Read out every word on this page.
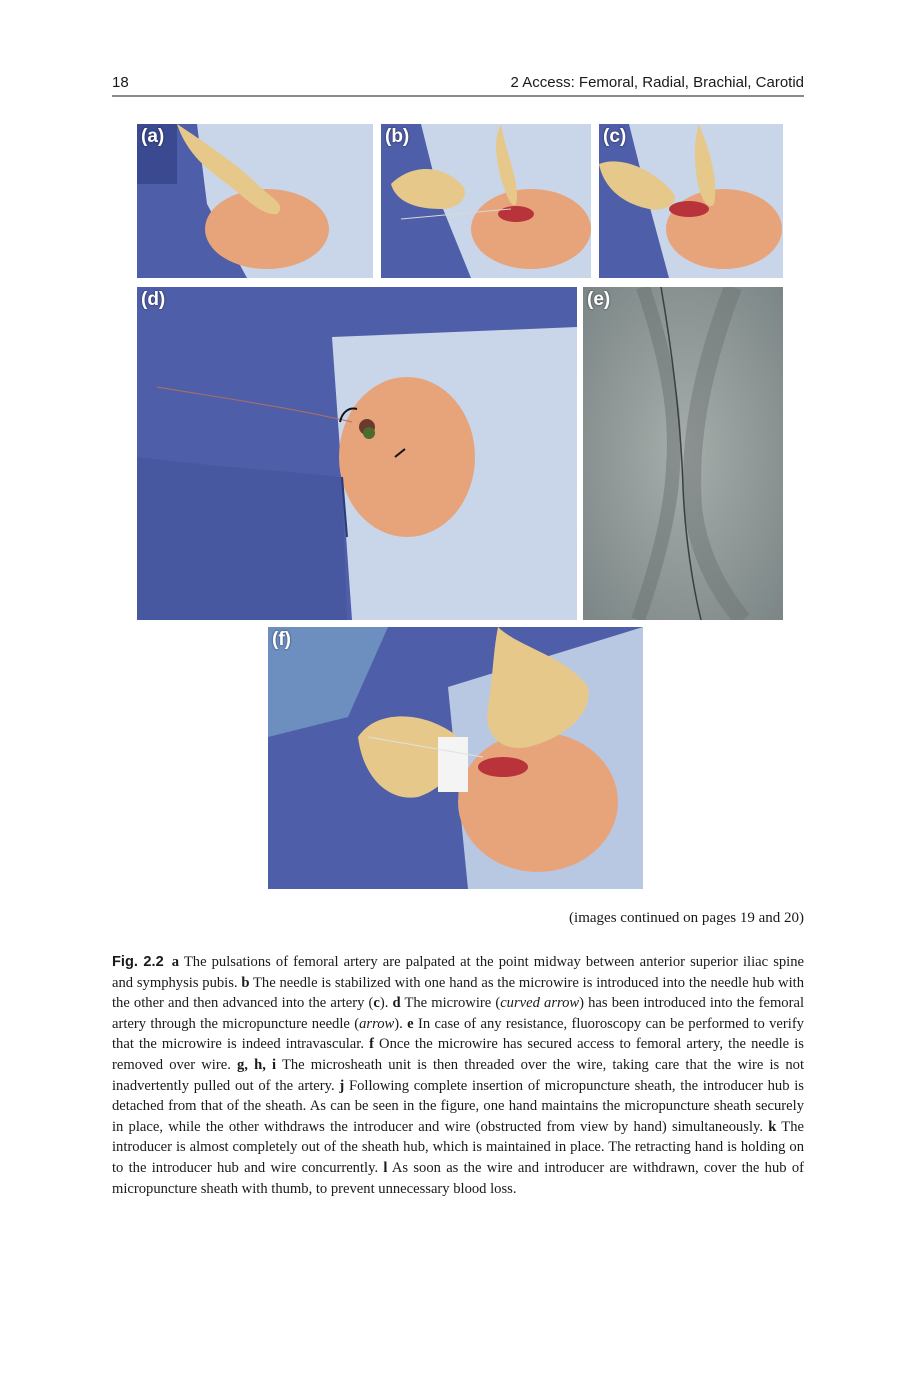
18	2 Access: Femoral, Radial, Brachial, Carotid
(a)	(b)	(c)
(d)	(e)
(f)
(images continued on pages 19 and 20)
Fig. 2.2 a The pulsations of femoral artery are palpated at the point midway between anterior superior iliac spine and symphysis pubis. b The needle is stabilized with one hand as the microwire is introduced into the needle hub with the other and then advanced into the artery (c). d The microwire (curved arrow) has been introduced into the femoral artery through the micropuncture needle (arrow). e In case of any resistance, fluoroscopy can be performed to verify that the microwire is indeed intravascular. f Once the microwire has secured access to femoral artery, the needle is removed over wire. g, h, i The microsheath unit is then threaded over the wire, taking care that the wire is not inadvertently pulled out of the artery. j Following complete insertion of micropuncture sheath, the introducer hub is detached from that of the sheath. As can be seen in the figure, one hand maintains the micropuncture sheath securely in place, while the other withdraws the introducer and wire (obstructed from view by hand) simultaneously. k The introducer is almost completely out of the sheath hub, which is maintained in place. The retracting hand is holding on to the introducer hub and wire concurrently. l As soon as the wire and introducer are withdrawn, cover the hub of micropuncture sheath with thumb, to prevent unnecessary blood loss.
